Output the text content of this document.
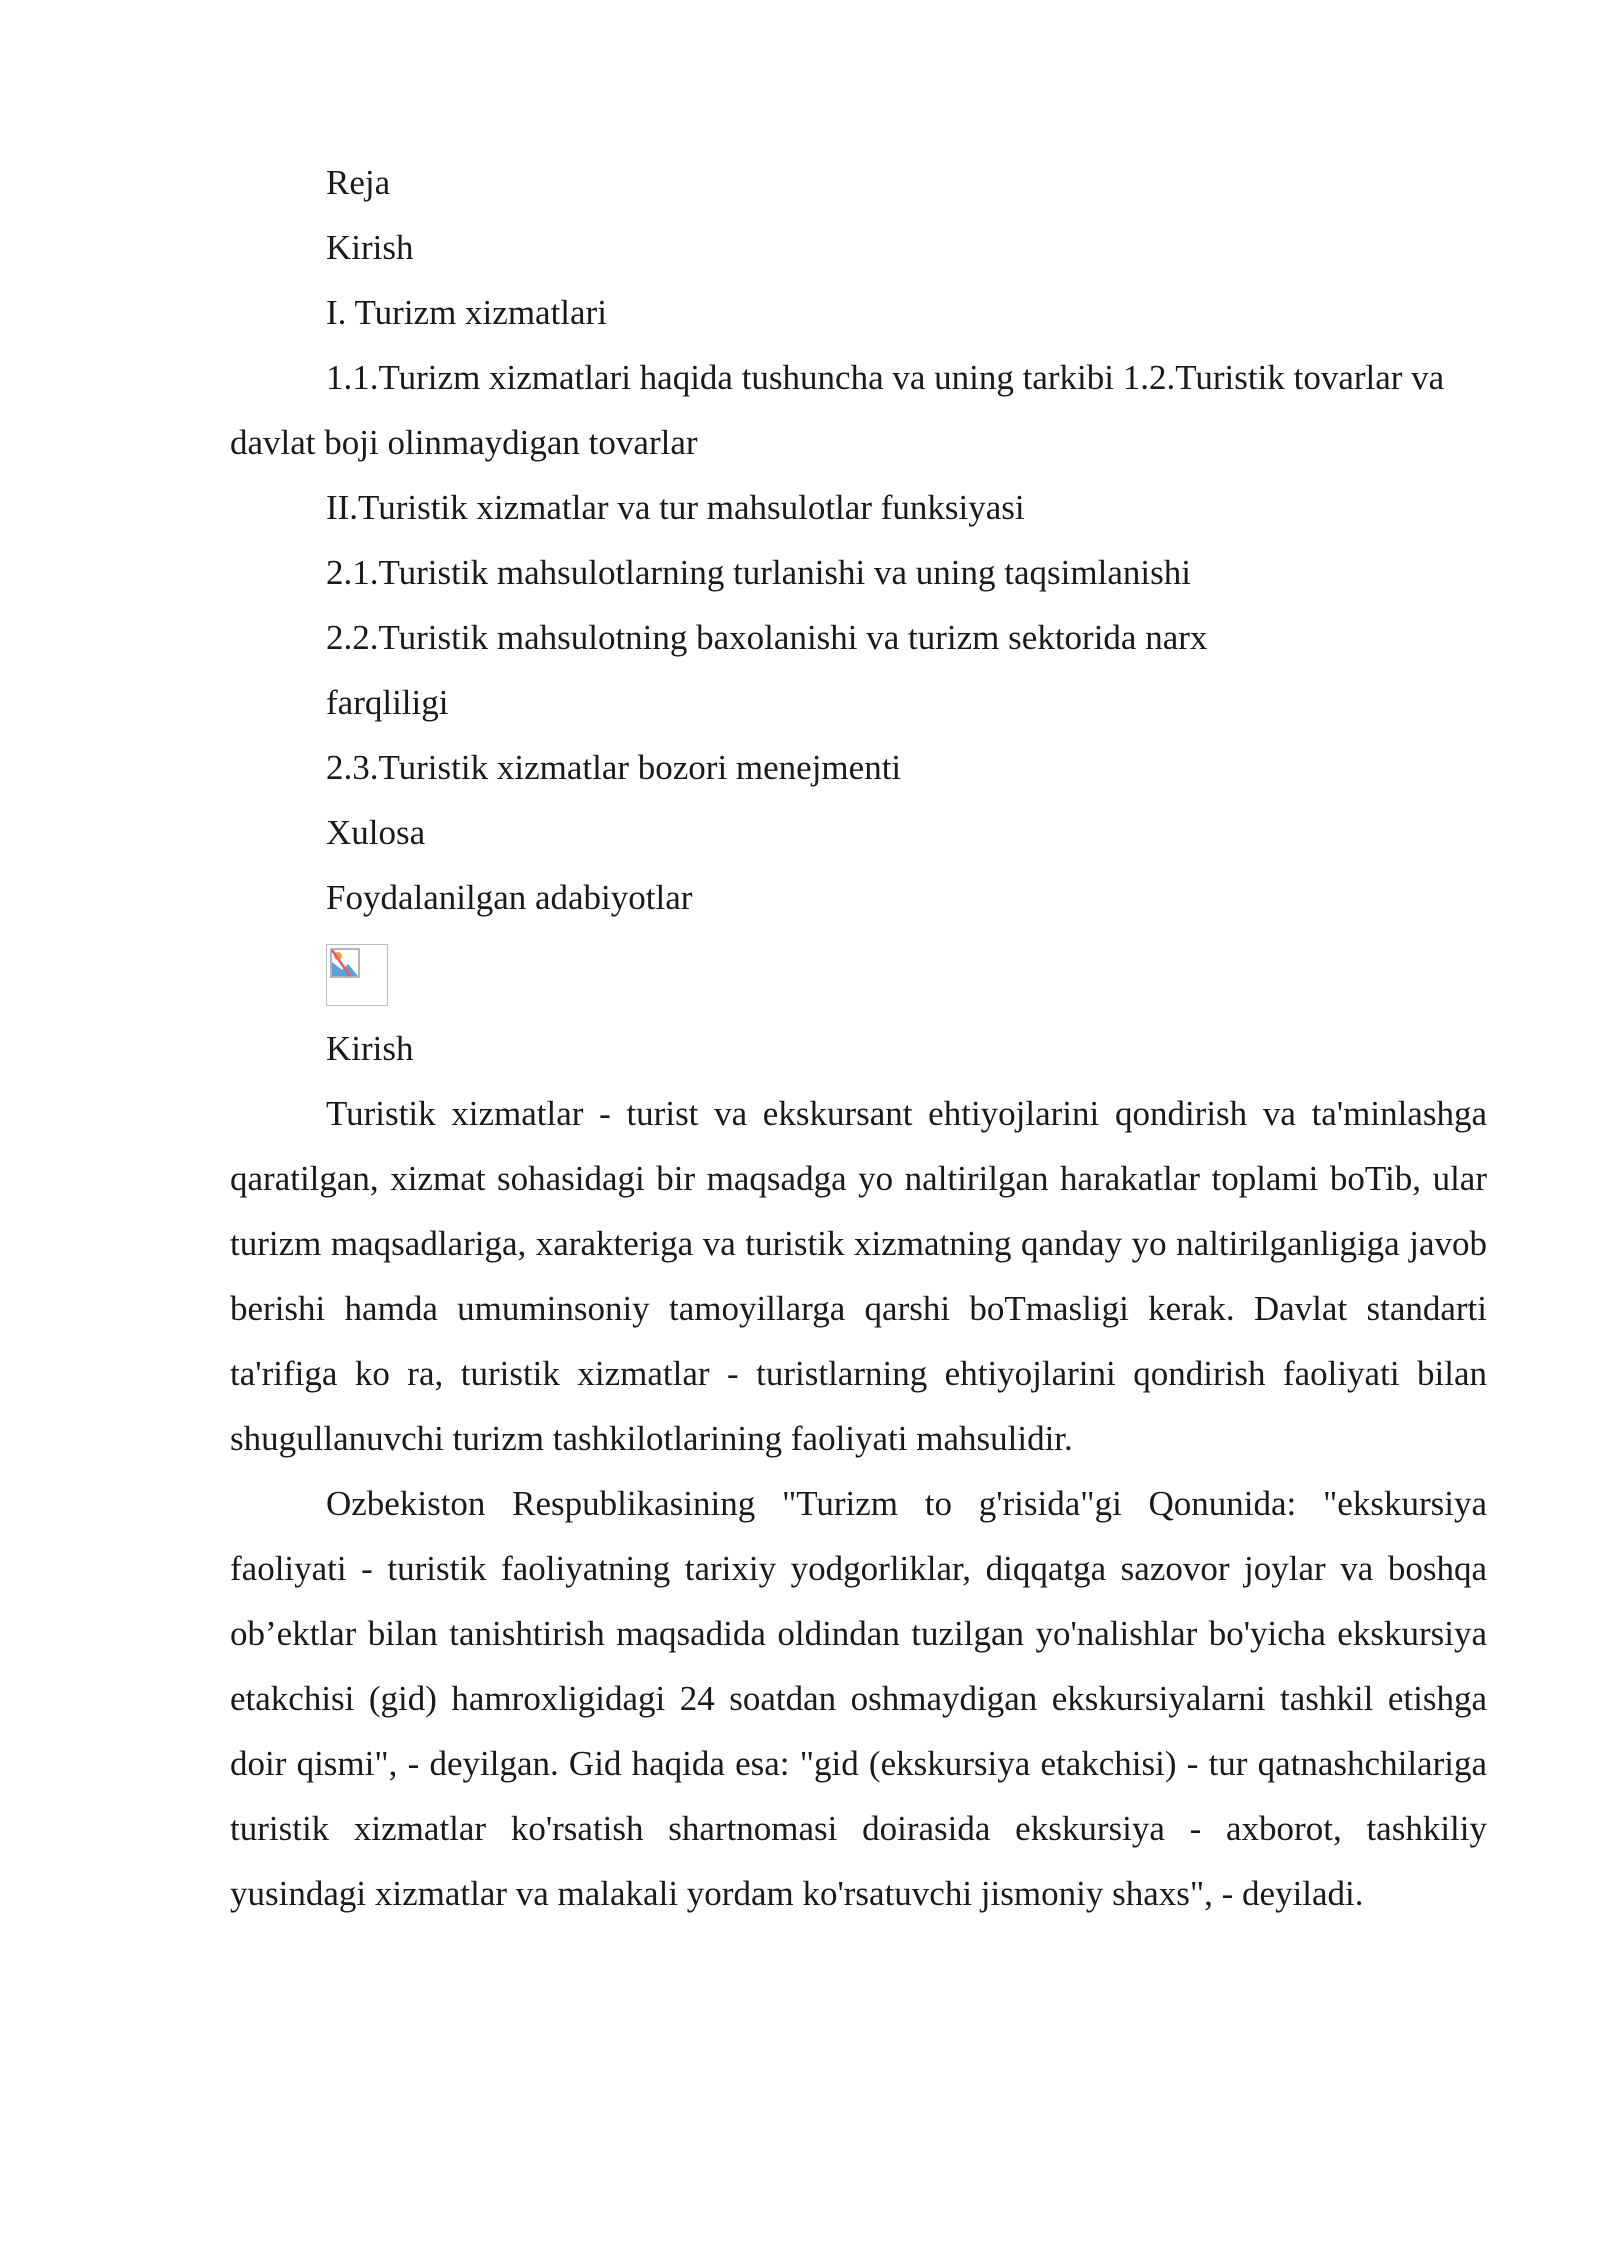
Reja

Kirish

I. Turizm xizmatlari

1.1.Turizm xizmatlari haqida tushuncha va uning tarkibi 1.2.Turistik tovarlar va davlat boji olinmaydigan tovarlar

II.Turistik xizmatlar va tur mahsulotlar funksiyasi

2.1.Turistik mahsulotlarning turlanishi va uning taqsimlanishi

2.2.Turistik mahsulotning baxolanishi va turizm sektorida narx

farqliligi

2.3.Turistik xizmatlar bozori menejmenti

Xulosa

Foydalanilgan adabiyotlar

Kirish

Turistik xizmatlar - turist va ekskursant ehtiyojlarini qondirish va ta'minlashga qaratilgan, xizmat sohasidagi bir maqsadga yo naltirilgan harakatlar toplami boTib, ular turizm maqsadlariga, xarakteriga va turistik xizmatning qanday yo naltirilganligiga javob berishi hamda umuminsoniy tamoyillarga qarshi boTmasligi kerak. Davlat standarti ta'rifiga ko ra, turistik xizmatlar - turistlarning ehtiyojlarini qondirish faoliyati bilan shugullanuvchi turizm tashkilotlarining faoliyati mahsulidir.

Ozbekiston Respublikasining "Turizm to g'risida"gi Qonunida: "ekskursiya faoliyati - turistik faoliyatning tarixiy yodgorliklar, diqqatga sazovor joylar va boshqa ob’ektlar bilan tanishtirish maqsadida oldindan tuzilgan yo'nalishlar bo'yicha ekskursiya etakchisi (gid) hamroxligidagi 24 soatdan oshmaydigan ekskursiyalarni tashkil etishga doir qismi", - deyilgan. Gid haqida esa: "gid (ekskursiya etakchisi) - tur qatnashchilariga turistik xizmatlar ko'rsatish shartnomasi doirasida ekskursiya - axborot, tashkiliy yusindagi xizmatlar va malakali yordam ko'rsatuvchi jismoniy shaxs", - deyiladi.
